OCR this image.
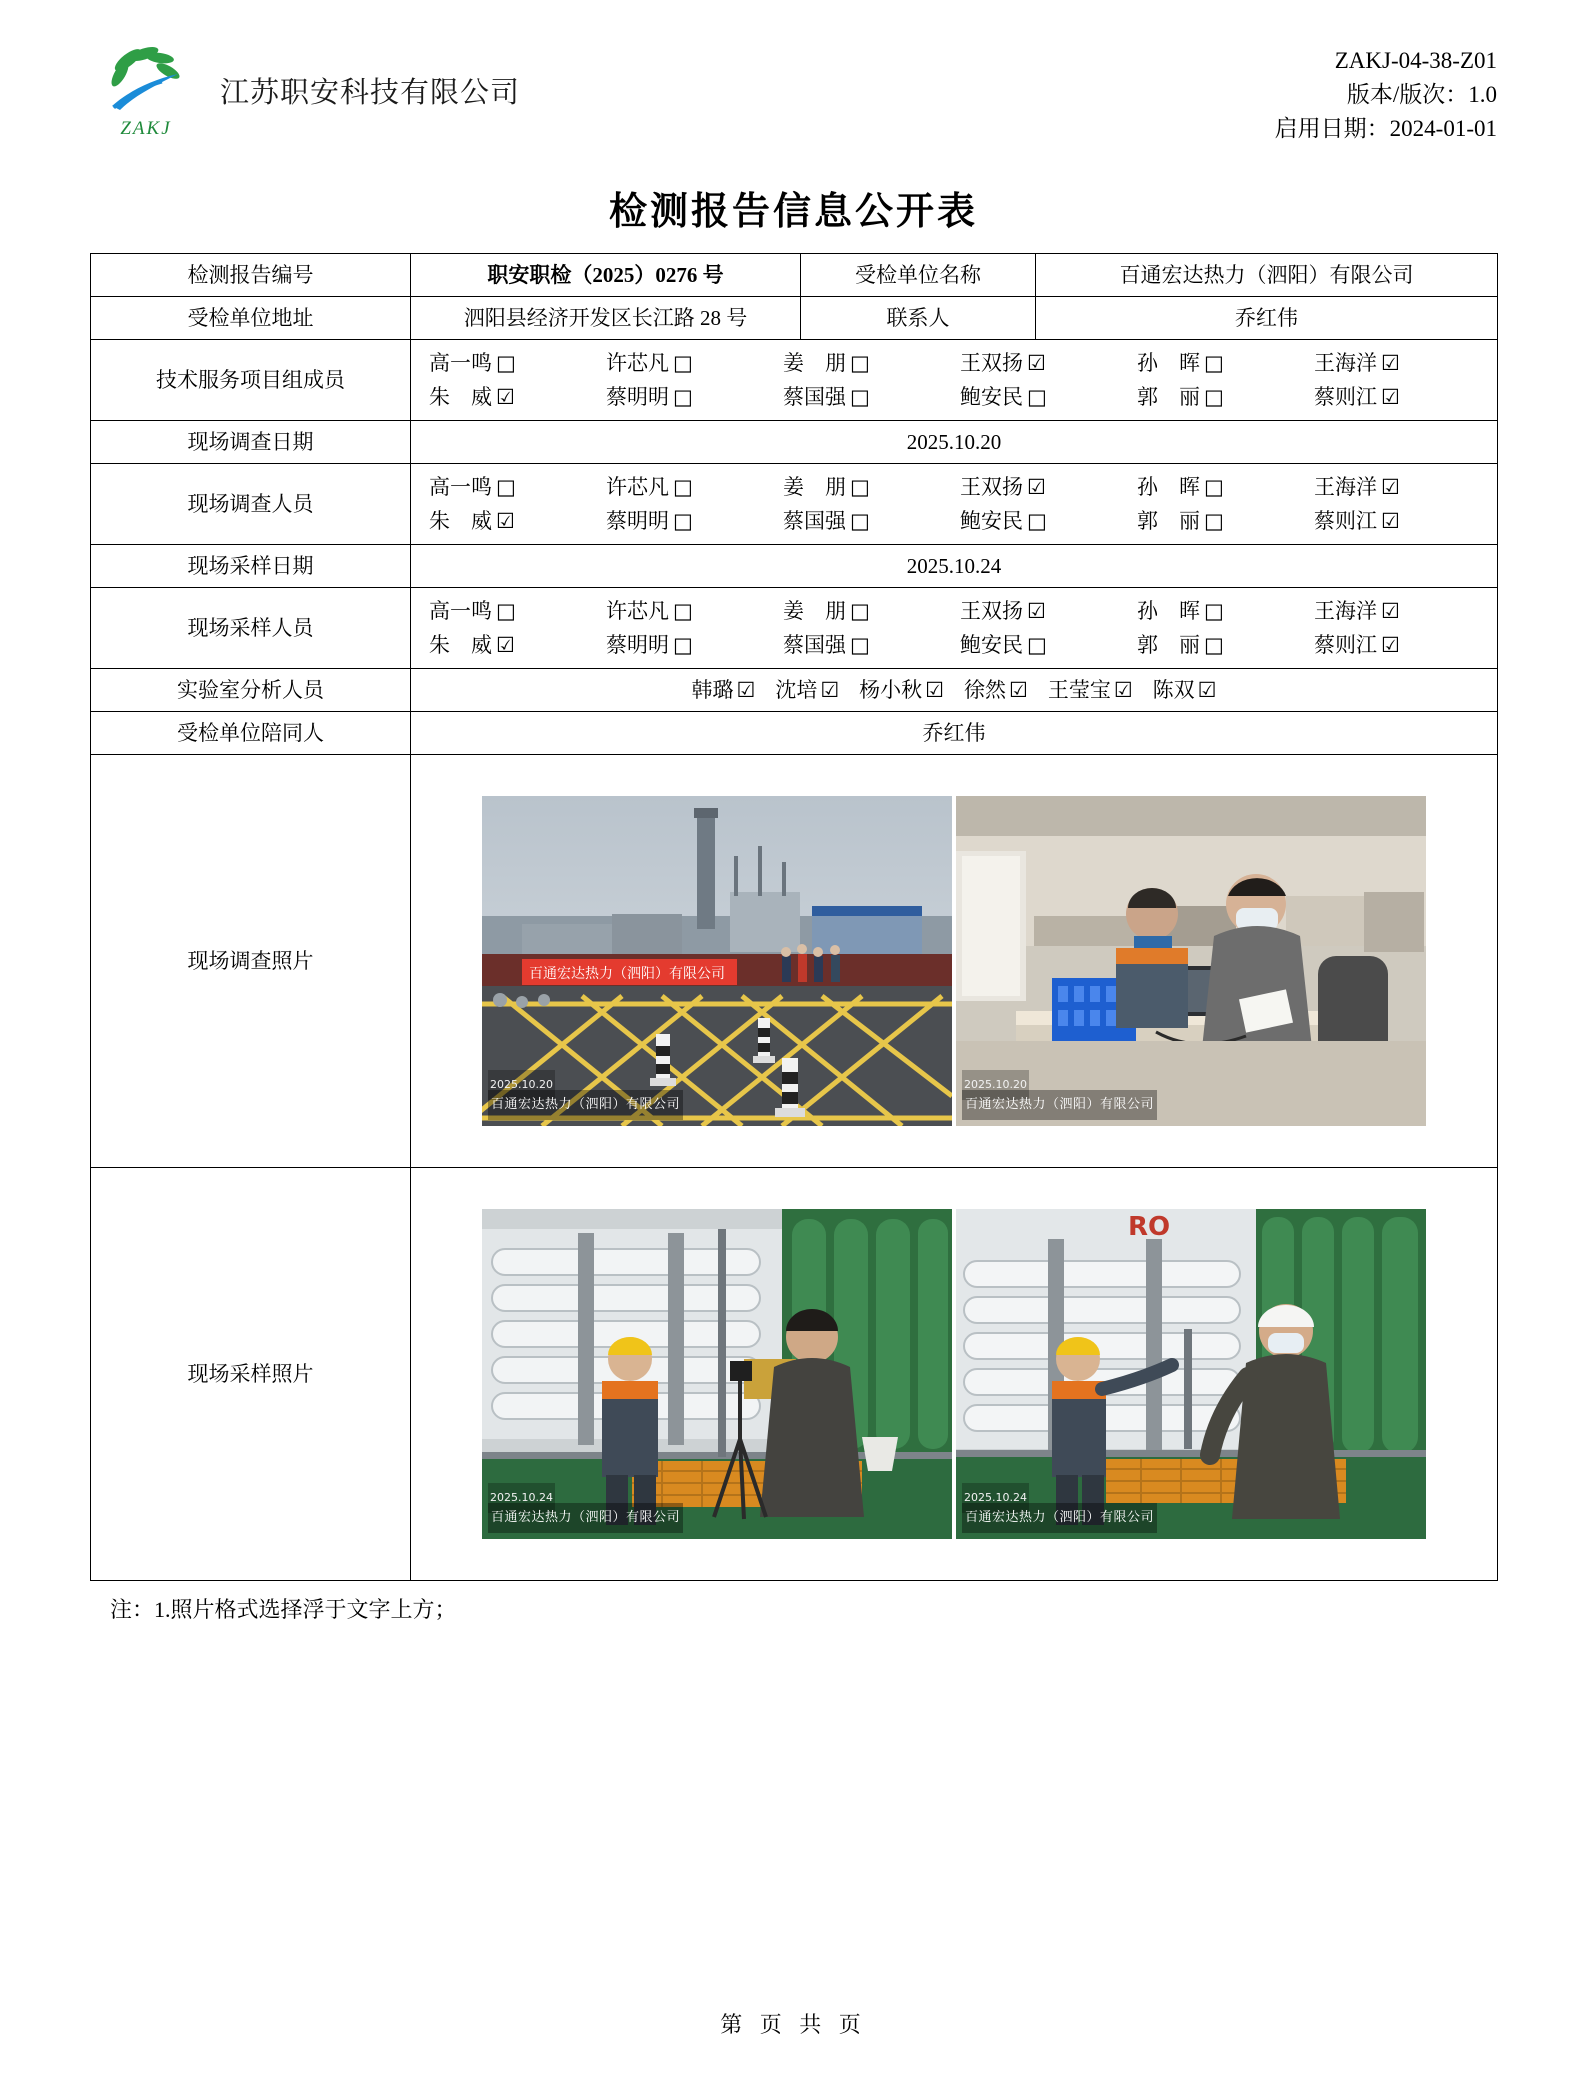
ZAKJ
江苏职安科技有限公司
ZAKJ-04-38-Z01
版本/版次：1.0
启用日期：2024-01-01
检测报告信息公开表
检测报告编号	职安职检（2025）0276 号	受检单位名称	百通宏达热力（泗阳）有限公司
受检单位地址	泗阳县经济开发区长江路 28 号	联系人	乔红伟
技术服务项目组成员	
高一鸣 □	许芯凡 □	姜　朋 □	王双扬 ☑	孙　晖 □	王海洋 ☑
朱　威 ☑	蔡明明 □	蔡国强 □	鲍安民 □	郭　丽 □	蔡则江 ☑

现场调查日期	2025.10.20		
现场调查人员	
高一鸣 □	许芯凡 □	姜　朋 □	王双扬 ☑	孙　晖 □	王海洋 ☑
朱　威 ☑	蔡明明 □	蔡国强 □	鲍安民 □	郭　丽 □	蔡则江 ☑

现场采样日期	2025.10.24		
现场采样人员	
高一鸣 □	许芯凡 □	姜　朋 □	王双扬 ☑	孙　晖 □	王海洋 ☑
朱　威 ☑	蔡明明 □	蔡国强 □	鲍安民 □	郭　丽 □	蔡则江 ☑

实验室分析人员	韩璐 ☑ 沈培 ☑ 杨小秋 ☑ 徐然 ☑ 王莹宝 ☑ 陈双 ☑

受检单位陪同人	乔红伟		
现场调查照片	百通宏达热力（泗阳）有限公司
2025.10.20
百通宏达热力（泗阳）有限公司
2025.10.20
百通宏达热力（泗阳）有限公司		

现场采样照片	2025.10.24
百通宏达热力（泗阳）有限公司
RO
2025.10.24
百通宏达热力（泗阳）有限公司		
注：1.照片格式选择浮于文字上方；
第 页 共 页
